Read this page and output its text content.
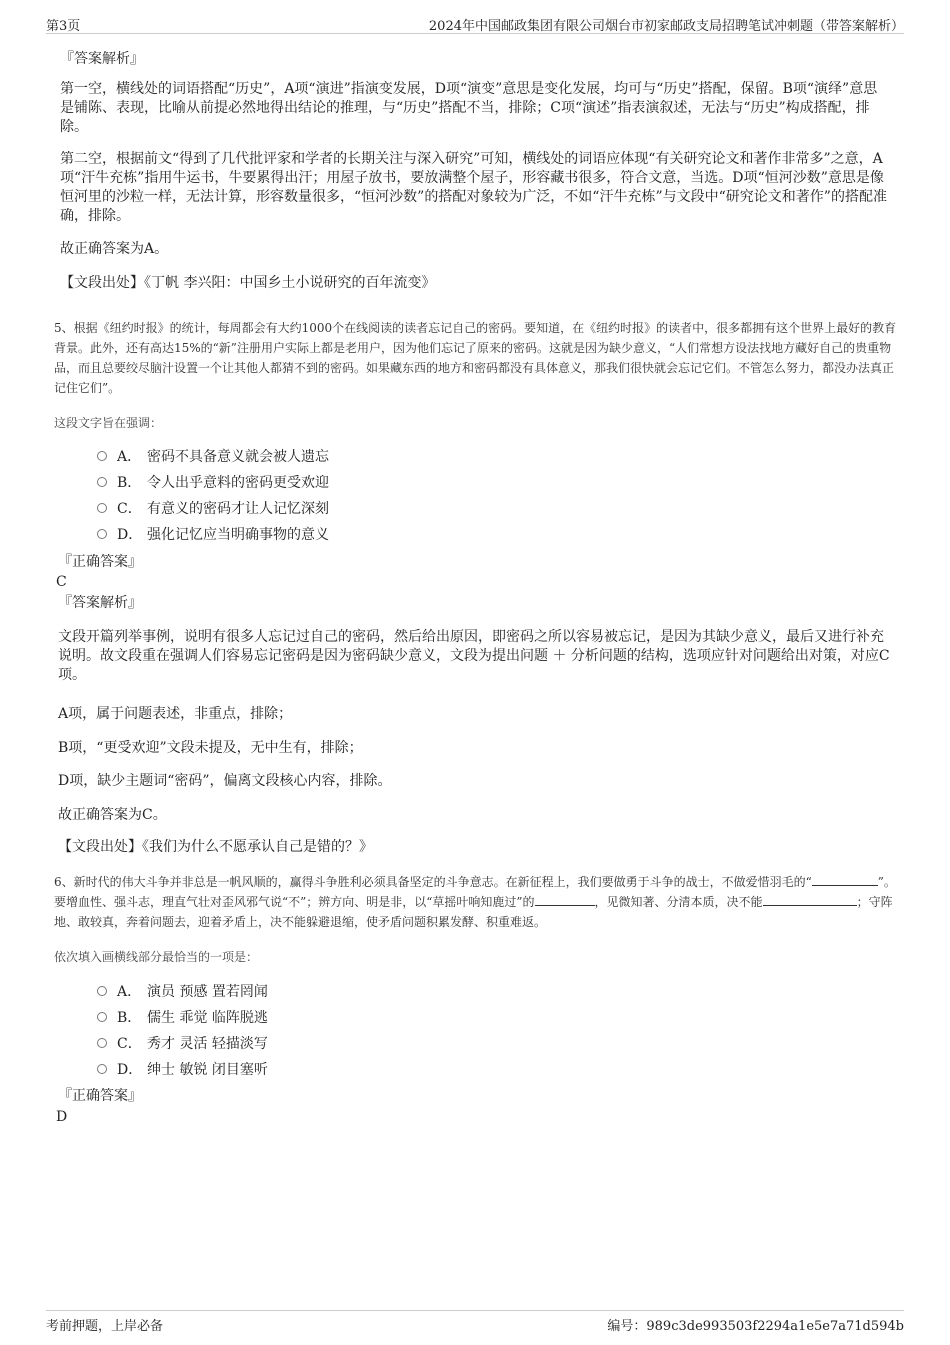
第3页	2024年中国邮政集团有限公司烟台市初家邮政支局招聘笔试冲刺题（带答案解析）
『答案解析』
第一空，横线处的词语搭配“历史”，A项“演进”指演变发展，D项“演变”意思是变化发展，均可与“历史”搭配，保留。B项“演绎”意思是铺陈、表现，比喻从前提必然地得出结论的推理，与“历史”搭配不当，排除；C项“演述”指表演叙述，无法与“历史”构成搭配，排除。
第二空，根据前文“得到了几代批评家和学者的长期关注与深入研究”可知，横线处的词语应体现“有关研究论文和著作非常多”之意，A项“汗牛充栋”指用牛运书，牛要累得出汗；用屋子放书，要放满整个屋子，形容藏书很多，符合文意，当选。D项“恒河沙数”意思是像恒河里的沙粒一样，无法计算，形容数量很多，“恒河沙数”的搭配对象较为广泛，不如“汗牛充栋”与文段中“研究论文和著作”的搭配准确，排除。
故正确答案为A。
【文段出处】《丁帆 李兴阳：中国乡土小说研究的百年流变》
5、根据《纽约时报》的统计，每周都会有大约1000个在线阅读的读者忘记自己的密码。要知道，在《纽约时报》的读者中，很多都拥有这个世界上最好的教育背景。此外，还有高达15%的“新”注册用户实际上都是老用户，因为他们忘记了原来的密码。这就是因为缺少意义，“人们常想方设法找地方藏好自己的贵重物品，而且总要绞尽脑汁设置一个让其他人都猜不到的密码。如果藏东西的地方和密码都没有具体意义，那我们很快就会忘记它们。不管怎么努力，都没办法真正记住它们”。
这段文字旨在强调：
A． 密码不具备意义就会被人遗忘
B． 令人出乎意料的密码更受欢迎
C． 有意义的密码才让人记忆深刻
D． 强化记忆应当明确事物的意义
『正确答案』
C
『答案解析』
文段开篇列举事例，说明有很多人忘记过自己的密码，然后给出原因，即密码之所以容易被忘记，是因为其缺少意义，最后又进行补充说明。故文段重在强调人们容易忘记密码是因为密码缺少意义，文段为提出问题 ＋ 分析问题的结构，选项应针对问题给出对策，对应C项。
A项，属于问题表述，非重点，排除；
B项，“更受欢迎”文段未提及，无中生有，排除；
D项，缺少主题词“密码”，偏离文段核心内容，排除。
故正确答案为C。
【文段出处】《我们为什么不愿承认自己是错的？》
6、新时代的伟大斗争并非总是一帆风顺的，赢得斗争胜利必须具备坚定的斗争意志。在新征程上，我们要做勇于斗争的战士，不做爱惜羽毛的“	”。要增血性、强斗志，理直气壮对歪风邪气说“不”；辨方向、明是非，以“草摇叶响知鹿过”的	，见微知著、分清本质，决不能	；守阵地、敢较真，奔着问题去，迎着矛盾上，决不能躲避退缩，使矛盾问题积累发酵、积重难返。
依次填入画横线部分最恰当的一项是：
A． 演员 预感 置若罔闻
B． 儒生 乖觉 临阵脱逃
C． 秀才 灵活 轻描淡写
D． 绅士 敏锐 闭目塞听
『正确答案』
D
考前押题，上岸必备	编号：989c3de993503f2294a1e5e7a71d594b
